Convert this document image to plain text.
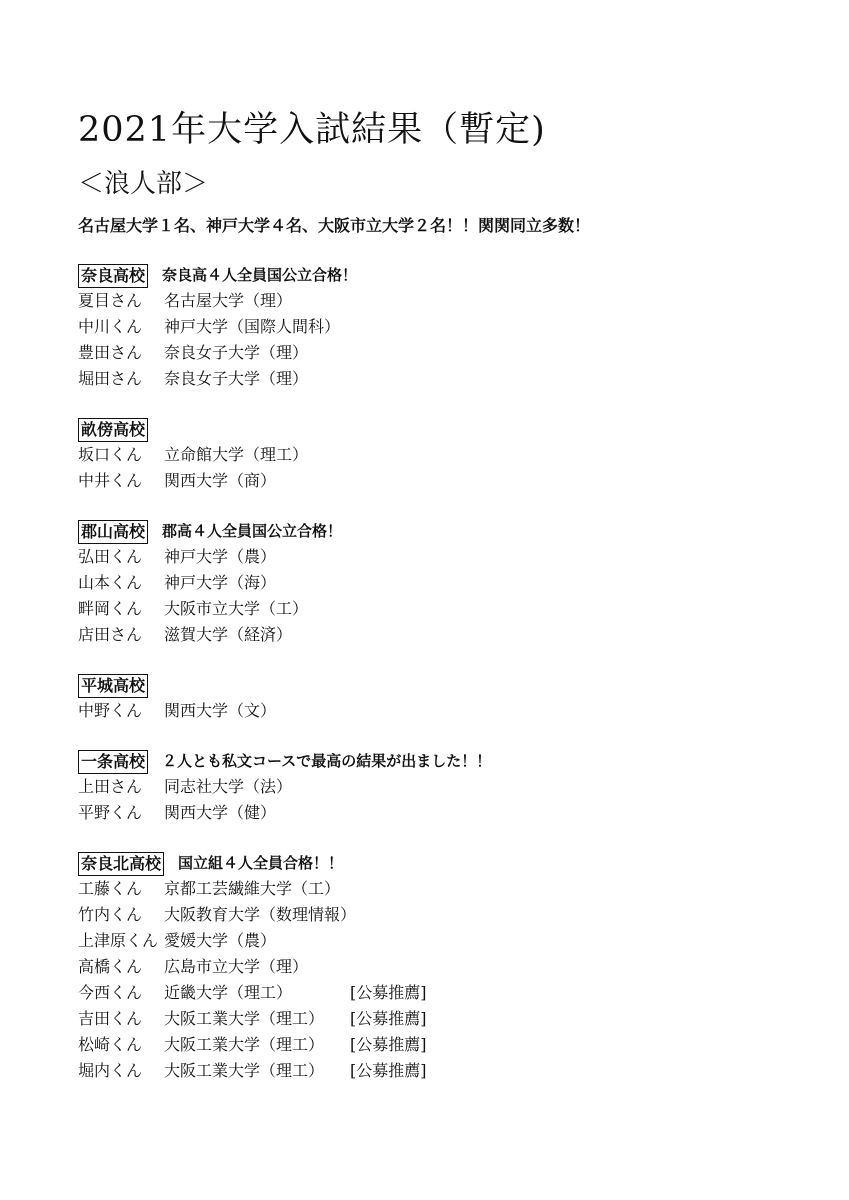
2021年大学入試結果（暫定)
＜浪人部＞
名古屋大学１名、神戸大学４名、大阪市立大学２名！！関関同立多数！
奈良高校 奈良高４人全員国公立合格！
夏目さん	名古屋大学（理）
中川くん	神戸大学（国際人間科）
豊田さん	奈良女子大学（理）
堀田さん	奈良女子大学（理）
畝傍高校
坂口くん	立命館大学（理工）
中井くん	関西大学（商）
郡山高校 郡高４人全員国公立合格！
弘田くん	神戸大学（農）
山本くん	神戸大学（海）
畔岡くん	大阪市立大学（工）
店田さん	滋賀大学（経済）
平城高校
中野くん	関西大学（文）
一条高校 ２人とも私文コースで最高の結果が出ました！！
上田さん	同志社大学（法）
平野くん	関西大学（健）
奈良北高校 国立組４人全員合格！！
工藤くん	京都工芸繊維大学（工）
竹内くん	大阪教育大学（数理情報）
上津原くん 愛媛大学（農）
高橋くん	広島市立大学（理）
今西くん	近畿大学（理工）	[公募推薦]
吉田くん	大阪工業大学（理工）	[公募推薦]
松崎くん	大阪工業大学（理工）	[公募推薦]
堀内くん	大阪工業大学（理工）	[公募推薦]
